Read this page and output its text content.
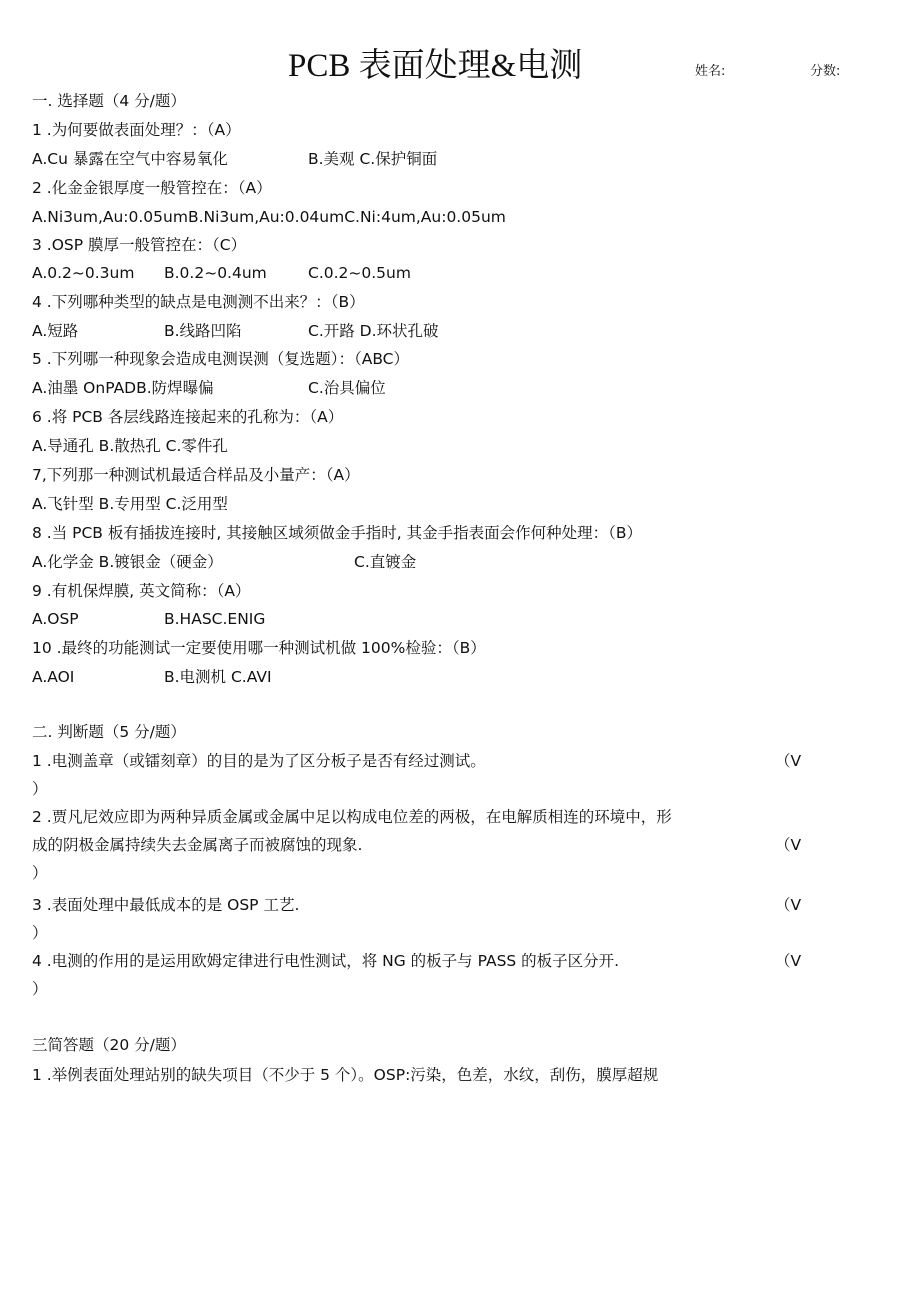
PCB 表面处理&电测	姓名:	分数:
一. 选择题（4 分/题）
1 .为何要做表面处理？：（A）
A.Cu 暴露在空气中容易氧化	B.美观 C.保护铜面
2 .化金金银厚度一般管控在：（A）
A.Ni3um,Au:0.05umB.Ni3um,Au:0.04umC.Ni:4um,Au:0.05um
3 .OSP 膜厚一般管控在：（C）
A.0.2~0.3um B.0.2~0.4um	C.0.2~0.5um
4 .下列哪种类型的缺点是电测测不出来？：（B）
A.短路	B.线路凹陷	C.开路 D.环状孔破
5 .下列哪一种现象会造成电测误测（复选题）：（ABC）
A.油墨 OnPADB.防焊曝偏	C.治具偏位
6 .将 PCB 各层线路连接起来的孔称为：（A）
A.导通孔 B.散热孔 C.零件孔
7,下列那一种测试机最适合样品及小量产：（A）
A.飞针型 B.专用型 C.泛用型
8 .当 PCB 板有插拔连接时, 其接触区域须做金手指时, 其金手指表面会作何种处理：（B）
A.化学金 B.镀银金（硬金）	C.直镀金
9 .有机保焊膜, 英文简称：（A）
A.OSP	B.HASC.ENIG
10 .最终的功能测试一定要使用哪一种测试机做 100%检验：（B）
A.AOI	B.电测机 C.AVI
二. 判断题（5 分/题）
1 .电测盖章（或镭刻章）的目的是为了区分板子是否有经过测试。	（V
）
2 .贾凡尼效应即为两种异质金属或金属中足以构成电位差的两极，在电解质相连的环境中，形
成的阴极金属持续失去金属离子而被腐蚀的现象.	（V
）
3 .表面处理中最低成本的是 OSP 工艺.	（V
）
4 .电测的作用的是运用欧姆定律进行电性测试，将 NG 的板子与 PASS 的板子区分开.	（V
）
三简答题（20 分/题）
1 .举例表面处理站别的缺失项目（不少于 5 个）。OSP:污染，色差，水纹，刮伤，膜厚超规
